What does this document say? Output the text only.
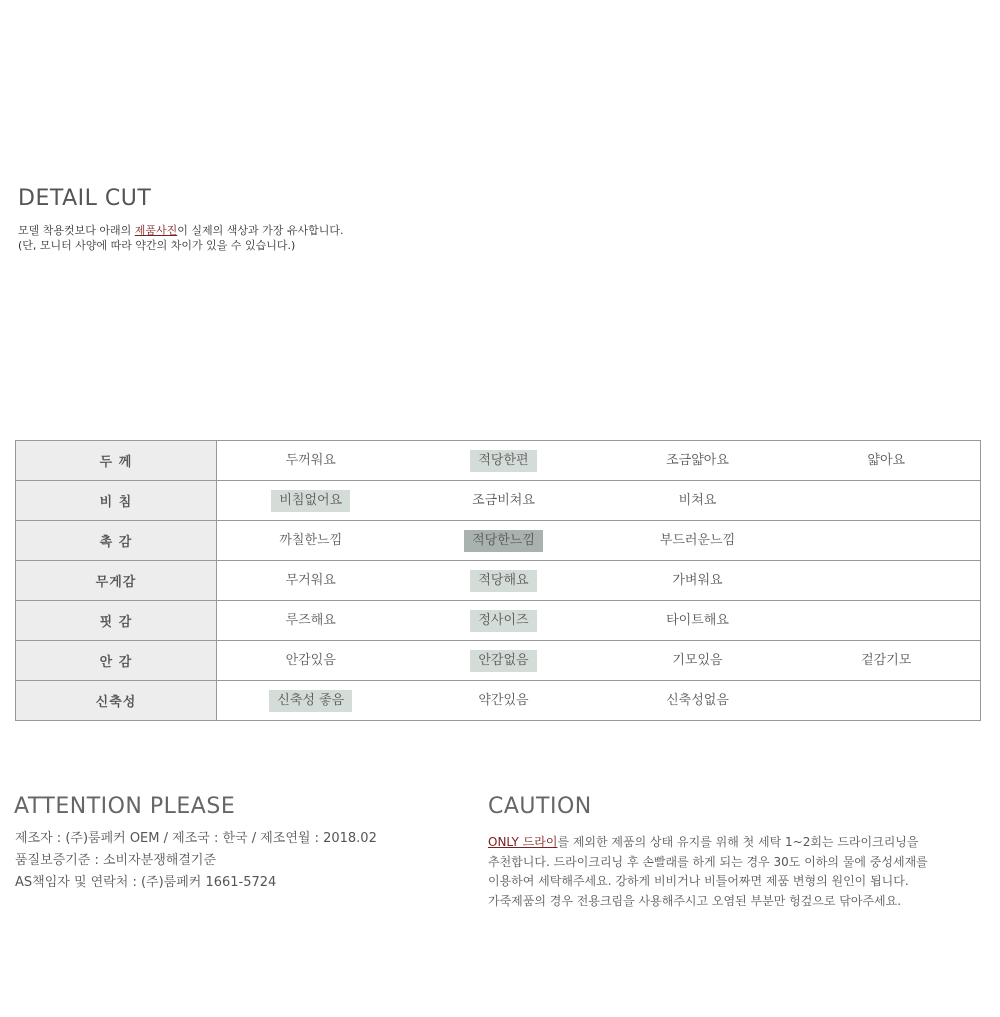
DETAIL CUT
모델 착용컷보다 아래의 제품사진이 실제의 색상과 가장 유사합니다.
(단, 모니터 사양에 따라 약간의 차이가 있을 수 있습니다.)
두 께	두꺼워요	적당한편	조금얇아요	얇아요
비 침	비침없어요	조금비쳐요	비쳐요	
촉 감	까칠한느낌	적당한느낌	부드러운느낌	
무게감	무거워요	적당해요	가벼워요	
핏 감	루즈해요	정사이즈	타이트해요	
안 감	안감있음	안감없음	기모있음	겉감기모
신축성	신축성 좋음	약간있음	신축성없음	
ATTENTION PLEASE
제조자 : (주)룸페커 OEM / 제조국 : 한국 / 제조연월 : 2018.02
품질보증기준 : 소비자분쟁해결기준
AS책임자 및 연락처 : (주)룸페커 1661-5724
CAUTION
ONLY 드라이를 제외한 제품의 상태 유지를 위해 첫 세탁 1~2회는 드라이크리닝을
추천합니다. 드라이크리닝 후 손빨래를 하게 되는 경우 30도 이하의 물에 중성세재를
이용하여 세탁해주세요. 강하게 비비거나 비틀어짜면 제품 변형의 원인이 됩니다.
가죽제품의 경우 전용크림을 사용해주시고 오염된 부분만 헝겊으로 닦아주세요.
